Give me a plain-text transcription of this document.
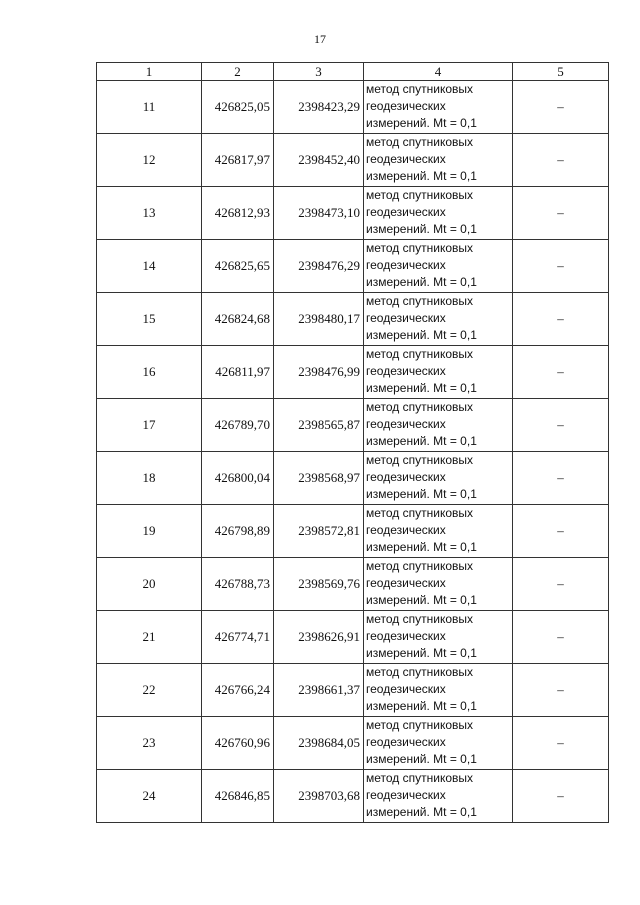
17
1	2	3	4	5
11	426825,05	2398423,29	метод спутниковых
геодезических
измерений. Mt = 0,1	–
12	426817,97	2398452,40	метод спутниковых
геодезических
измерений. Mt = 0,1	–
13	426812,93	2398473,10	метод спутниковых
геодезических
измерений. Mt = 0,1	–
14	426825,65	2398476,29	метод спутниковых
геодезических
измерений. Mt = 0,1	–
15	426824,68	2398480,17	метод спутниковых
геодезических
измерений. Mt = 0,1	–
16	426811,97	2398476,99	метод спутниковых
геодезических
измерений. Mt = 0,1	–
17	426789,70	2398565,87	метод спутниковых
геодезических
измерений. Mt = 0,1	–
18	426800,04	2398568,97	метод спутниковых
геодезических
измерений. Mt = 0,1	–
19	426798,89	2398572,81	метод спутниковых
геодезических
измерений. Mt = 0,1	–
20	426788,73	2398569,76	метод спутниковых
геодезических
измерений. Mt = 0,1	–
21	426774,71	2398626,91	метод спутниковых
геодезических
измерений. Mt = 0,1	–
22	426766,24	2398661,37	метод спутниковых
геодезических
измерений. Mt = 0,1	–
23	426760,96	2398684,05	метод спутниковых
геодезических
измерений. Mt = 0,1	–
24	426846,85	2398703,68	метод спутниковых
геодезических
измерений. Mt = 0,1	–
